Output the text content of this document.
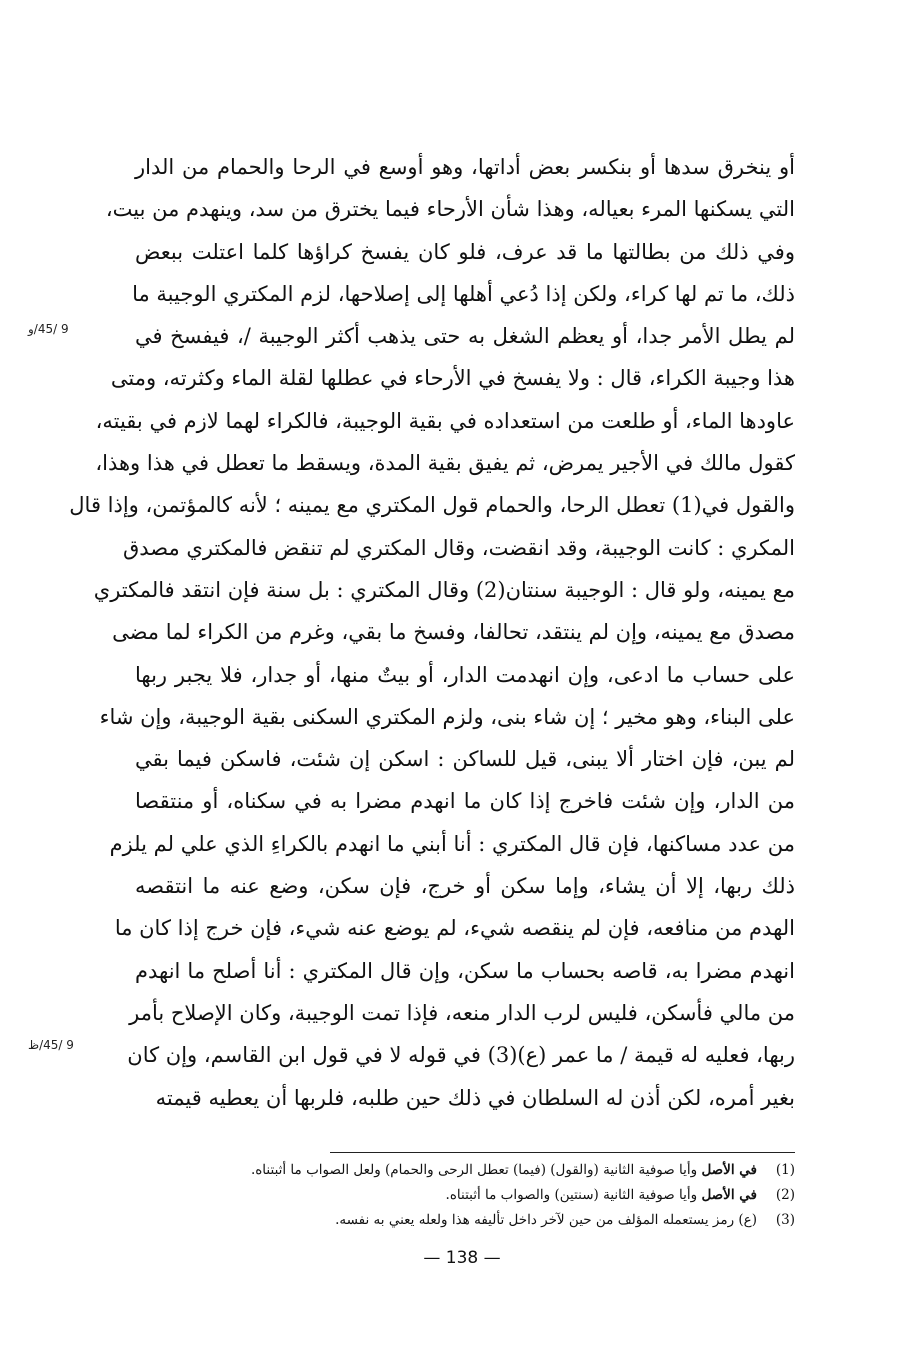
أو ينخرق سدها أو بنكسر بعض أداتها، وهو أوسع في الرحا والحمام من الدار
التي يسكنها المرء بعياله، وهذا شأن الأرحاء فيما يخترق من سد، وينهدم من بيت،
وفي ذلك من بطالتها ما قد عرف، فلو كان يفسخ كراؤها كلما اعتلت ببعض
ذلك، ما تم لها كراء، ولكن إذا دُعي أهلها إلى إصلاحها، لزم المكتري الوجيبة ما
لم يطل الأمر جدا، أو يعظم الشغل به حتى يذهب أكثر الوجيبة /، فيفسخ في
هذا وجيبة الكراء، قال : ولا يفسخ في الأرحاء في عطلها لقلة الماء وكثرته، ومتى
عاودها الماء، أو طلعت من استعداده في بقية الوجيبة، فالكراء لهما لازم في بقيته،
كقول مالك في الأجير يمرض، ثم يفيق بقية المدة، ويسقط ما تعطل في هذا وهذا،
والقول في(1) تعطل الرحا، والحمام قول المكتري مع يمينه ؛ لأنه كالمؤتمن، وإذا قال
المكري : كانت الوجيبة، وقد انقضت، وقال المكتري لم تنقض فالمكتري مصدق
مع يمينه، ولو قال : الوجيبة سنتان(2) وقال المكتري : بل سنة فإن انتقد فالمكتري
مصدق مع يمينه، وإن لم ينتقد، تحالفا، وفسخ ما بقي، وغرم من الكراء لما مضى
على حساب ما ادعى، وإن انهدمت الدار، أو بيتٌ منها، أو جدار، فلا يجبر ربها
على البناء، وهو مخير ؛ إن شاء بنى، ولزم المكتري السكنى بقية الوجيبة، وإن شاء
لم يبن، فإن اختار ألا يبنى، قيل للساكن : اسكن إن شئت، فاسكن فيما بقي
من الدار، وإن شئت فاخرج إذا كان ما انهدم مضرا به في سكناه، أو منتقصا
من عدد مساكنها، فإن قال المكتري : أنا أبني ما انهدم بالكراءِ الذي علي لم يلزم
ذلك ربها، إلا أن يشاء، وإما سكن أو خرج، فإن سكن، وضع عنه ما انتقصه
الهدم من منافعه، فإن لم ينقصه شيء، لم يوضع عنه شيء، فإن خرج إذا كان ما
انهدم مضرا به، قاصه بحساب ما سكن، وإن قال المكتري : أنا أصلح ما انهدم
من مالي فأسكن، فليس لرب الدار منعه، فإذا تمت الوجيبة، وكان الإصلاح بأمر
ربها، فعليه له قيمة / ما عمر (ع)(3) في قوله لا في قول ابن القاسم، وإن كان
بغير أمره، لكن أذن له السلطان في ذلك حين طلبه، فلربها أن يعطيه قيمته
9 /45/و
9 /45/ظ
(1)في الأصل وأيا صوفية الثانية (والقول) (فيما) تعطل الرحى والحمام) ولعل الصواب ما أثبتناه.
(2)في الأصل وأيا صوفية الثانية (سنتين) والصواب ما أثبتناه.
(3)(ع) رمز يستعمله المؤلف من حين لآخر داخل تأليفه هذا ولعله يعني به نفسه.
— 138 —
